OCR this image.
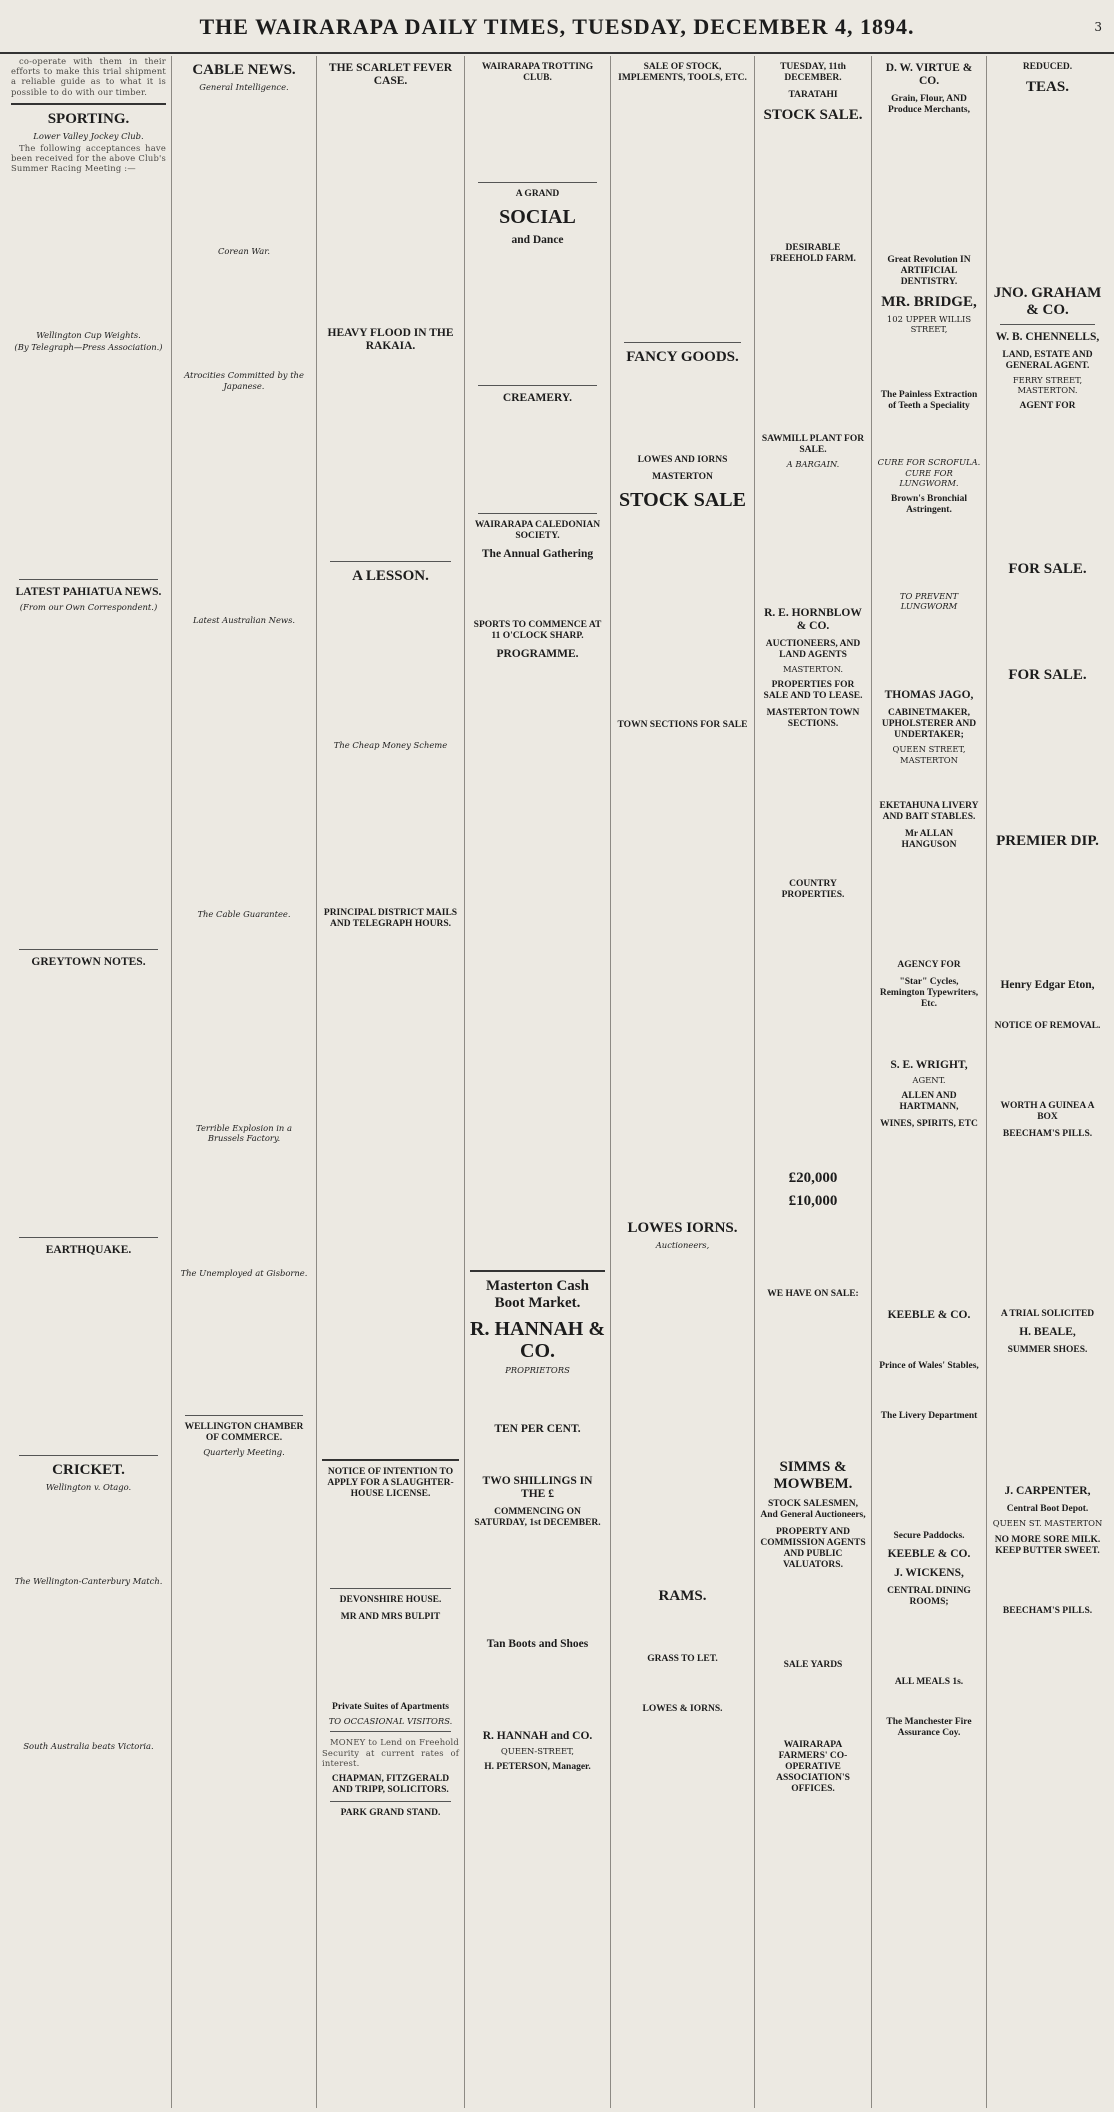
THE WAIRARAPA DAILY TIMES, TUESDAY, DECEMBER 4, 1894.	3

co-operate with them in their efforts to make this trial shipment a reliable guide as to what it is possible to do with our timber.

SPORTING.
Lower Valley Jockey Club.

The following acceptances have been received for the above Club's Summer Racing Meeting :—

Wellington Cup Weights.
(By Telegraph—Press Association.)
LATEST PAHIATUA NEWS.
(From our Own Correspondent.)
GREYTOWN NOTES.
EARTHQUAKE.
CRICKET.
Wellington v. Otago.
The Wellington-Canterbury Match.
South Australia beats Victoria.
CABLE NEWS.
General Intelligence.
Corean War.
Atrocities Committed by the Japanese.
Latest Australian News.
The Cable Guarantee.
Terrible Explosion in a Brussels Factory.
The Unemployed at Gisborne.
WELLINGTON CHAMBER OF COMMERCE.
Quarterly Meeting.
THE SCARLET FEVER CASE.
HEAVY FLOOD IN THE RAKAIA.
A LESSON.
The Cheap Money Scheme
PRINCIPAL DISTRICT MAILS AND TELEGRAPH HOURS.
NOTICE OF INTENTION TO APPLY FOR A SLAUGHTER-HOUSE LICENSE.
DEVONSHIRE HOUSE.
MR AND MRS BULPIT
Private Suites of Apartments
TO OCCASIONAL VISITORS.

MONEY to Lend on Freehold Security at current rates of interest.

CHAPMAN, FITZGERALD AND TRIPP, SOLICITORS.
PARK GRAND STAND.
WAIRARAPA TROTTING CLUB.
A GRAND
SOCIAL
and Dance
CREAMERY.
WAIRARAPA CALEDONIAN SOCIETY.
The Annual Gathering
SPORTS TO COMMENCE AT 11 O'CLOCK SHARP.
PROGRAMME.
Masterton Cash Boot Market.
R. HANNAH & CO.
PROPRIETORS
TEN PER CENT.
TWO SHILLINGS IN THE £
COMMENCING ON SATURDAY, 1st DECEMBER.
Tan Boots and Shoes
R. HANNAH and CO.
QUEEN-STREET,
H. PETERSON, Manager.
SALE OF STOCK, IMPLEMENTS, TOOLS, ETC.
FANCY GOODS.
LOWES AND IORNS
MASTERTON
STOCK SALE
TOWN SECTIONS FOR SALE
LOWES IORNS.
Auctioneers,
RAMS.
GRASS TO LET.
LOWES & IORNS.
TUESDAY, 11th DECEMBER.
TARATAHI
STOCK SALE.
DESIRABLE FREEHOLD FARM.
SAWMILL PLANT FOR SALE.
A BARGAIN.
R. E. HORNBLOW & CO.
AUCTIONEERS, AND LAND AGENTS
MASTERTON.
PROPERTIES FOR SALE AND TO LEASE.
MASTERTON TOWN SECTIONS.
COUNTRY PROPERTIES.
£20,000
£10,000
WE HAVE ON SALE:
SIMMS & MOWBEM.
STOCK SALESMEN, And General Auctioneers,
PROPERTY AND COMMISSION AGENTS AND PUBLIC VALUATORS.
SALE YARDS
WAIRARAPA FARMERS' CO-OPERATIVE ASSOCIATION'S OFFICES.
D. W. VIRTUE & CO.
Grain, Flour, AND Produce Merchants,
Great Revolution IN ARTIFICIAL DENTISTRY.
MR. BRIDGE,
102 UPPER WILLIS STREET,
The Painless Extraction of Teeth a Speciality
CURE FOR SCROFULA. CURE FOR LUNGWORM.
Brown's Bronchial Astringent.
TO PREVENT LUNGWORM
THOMAS JAGO,
CABINETMAKER, UPHOLSTERER AND UNDERTAKER;
QUEEN STREET, MASTERTON
EKETAHUNA LIVERY AND BAIT STABLES.
Mr ALLAN HANGUSON
AGENCY FOR
"Star" Cycles, Remington Typewriters, Etc.
S. E. WRIGHT,
AGENT.
ALLEN AND HARTMANN,
WINES, SPIRITS, ETC
KEEBLE & CO.
Prince of Wales' Stables,
The Livery Department
Secure Paddocks.
KEEBLE & CO.
J. WICKENS,
CENTRAL DINING ROOMS;
ALL MEALS 1s.
The Manchester Fire Assurance Coy.
REDUCED.
TEAS.
JNO. GRAHAM & CO.
W. B. CHENNELLS,
LAND, ESTATE AND GENERAL AGENT.
FERRY STREET, MASTERTON.
AGENT FOR
FOR SALE.
FOR SALE.
PREMIER DIP.
Henry Edgar Eton,
NOTICE OF REMOVAL.
WORTH A GUINEA A BOX
BEECHAM'S PILLS.
A TRIAL SOLICITED
H. BEALE,
SUMMER SHOES.
J. CARPENTER,
Central Boot Depot.
QUEEN ST. MASTERTON
NO MORE SORE MILK. KEEP BUTTER SWEET.
BEECHAM'S PILLS.
